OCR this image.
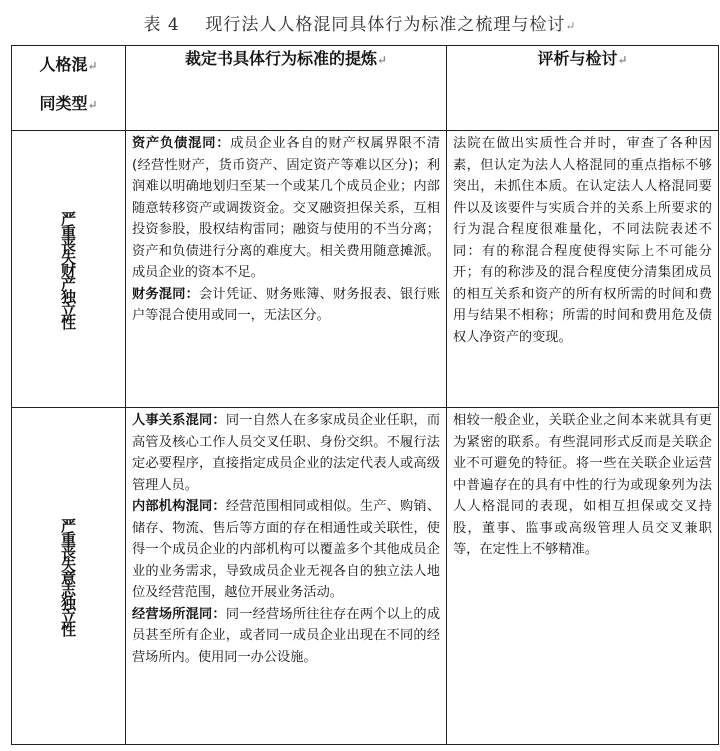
表 4 现行法人人格混同具体行为标准之梳理与检讨↵
人格混↵
同类型↵	裁定书具体行为标准的提炼↵	评析与检讨↵

严重丧失财产独立性	资产负债混同：成员企业各自的财产权属界限不清(经营性财产，货币资产、固定资产等难以区分)；利润难以明确地划归至某一个或某几个成员企业；内部随意转移资产或调拨资金。交叉融资担保关系，互相投资参股，股权结构雷同；融资与使用的不当分离；资产和负债进行分离的难度大。相关费用随意摊派。成员企业的资本不足。
财务混同：会计凭证、财务账簿、财务报表、银行账户等混合使用或同一，无法区分。	法院在做出实质性合并时，审查了各种因素，但认定为法人人格混同的重点指标不够突出，未抓住本质。在认定法人人格混同要件以及该要件与实质合并的关系上所要求的行为混合程度很难量化，不同法院表述不同：有的称混合程度使得实际上不可能分开；有的称涉及的混合程度使分清集团成员的相互关系和资产的所有权所需的时间和费用与结果不相称；所需的时间和费用危及债权人净资产的变现。

严重丧失意志独立性	人事关系混同：同一自然人在多家成员企业任职，而高管及核心工作人员交叉任职、身份交织。不履行法定必要程序，直接指定成员企业的法定代表人或高级管理人员。
内部机构混同：经营范围相同或相似。生产、购销、储存、物流、售后等方面的存在相通性或关联性，使得一个成员企业的内部机构可以覆盖多个其他成员企业的业务需求，导致成员企业无视各自的独立法人地位及经营范围，越位开展业务活动。
经营场所混同：同一经营场所往往存在两个以上的成员甚至所有企业，或者同一成员企业出现在不同的经营场所内。使用同一办公设施。	相较一般企业，关联企业之间本来就具有更为紧密的联系。有些混同形式反而是关联企业不可避免的特征。将一些在关联企业运营中普遍存在的具有中性的行为或现象列为法人人格混同的表现，如相互担保或交叉持股，董事、监事或高级管理人员交叉兼职等，在定性上不够精准。
